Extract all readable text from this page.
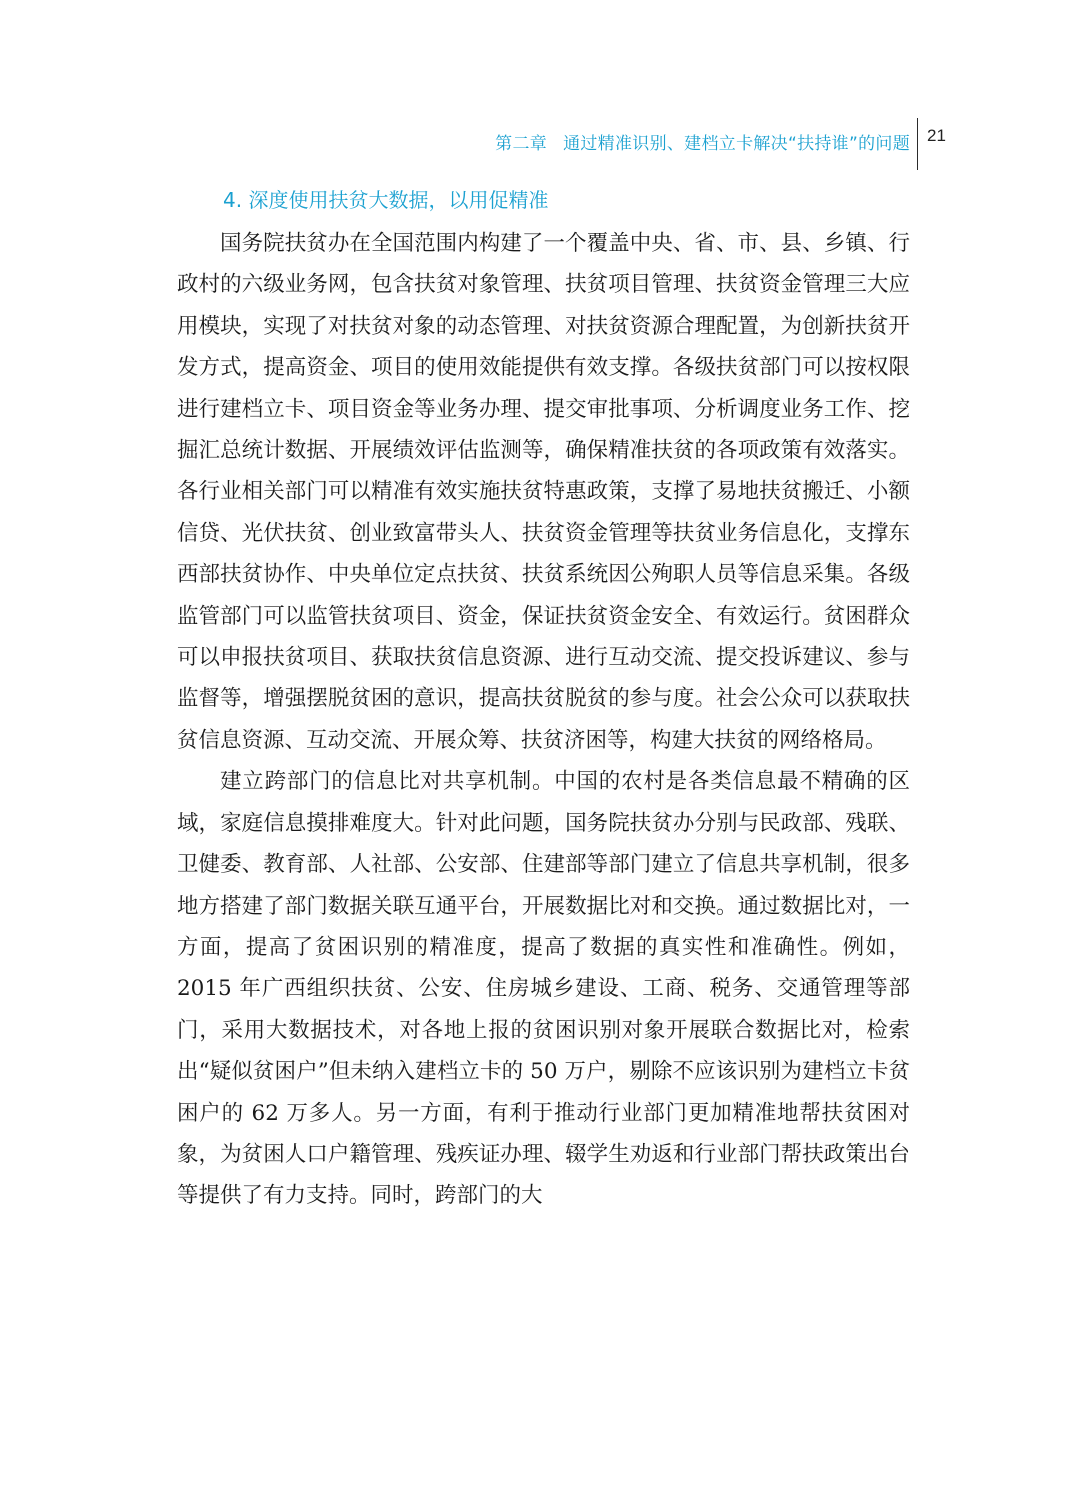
第二章 通过精准识别、建档立卡解决“扶持谁”的问题 21
4. 深度使用扶贫大数据，以用促精准

国务院扶贫办在全国范围内构建了一个覆盖中央、省、市、县、乡镇、行政村的六级业务网，包含扶贫对象管理、扶贫项目管理、扶贫资金管理三大应用模块，实现了对扶贫对象的动态管理、对扶贫资源合理配置，为创新扶贫开发方式，提高资金、项目的使用效能提供有效支撑。各级扶贫部门可以按权限进行建档立卡、项目资金等业务办理、提交审批事项、分析调度业务工作、挖掘汇总统计数据、开展绩效评估监测等，确保精准扶贫的各项政策有效落实。各行业相关部门可以精准有效实施扶贫特惠政策，支撑了易地扶贫搬迁、小额信贷、光伏扶贫、创业致富带头人、扶贫资金管理等扶贫业务信息化，支撑东西部扶贫协作、中央单位定点扶贫、扶贫系统因公殉职人员等信息采集。各级监管部门可以监管扶贫项目、资金，保证扶贫资金安全、有效运行。贫困群众可以申报扶贫项目、获取扶贫信息资源、进行互动交流、提交投诉建议、参与监督等，增强摆脱贫困的意识，提高扶贫脱贫的参与度。社会公众可以获取扶贫信息资源、互动交流、开展众筹、扶贫济困等，构建大扶贫的网络格局。

建立跨部门的信息比对共享机制。中国的农村是各类信息最不精确的区域，家庭信息摸排难度大。针对此问题，国务院扶贫办分别与民政部、残联、卫健委、教育部、人社部、公安部、住建部等部门建立了信息共享机制，很多地方搭建了部门数据关联互通平台，开展数据比对和交换。通过数据比对，一方面，提高了贫困识别的精准度，提高了数据的真实性和准确性。例如，2015 年广西组织扶贫、公安、住房城乡建设、工商、税务、交通管理等部门，采用大数据技术，对各地上报的贫困识别对象开展联合数据比对，检索出“疑似贫困户”但未纳入建档立卡的 50 万户，剔除不应该识别为建档立卡贫困户的 62 万多人。另一方面，有利于推动行业部门更加精准地帮扶贫困对象，为贫困人口户籍管理、残疾证办理、辍学生劝返和行业部门帮扶政策出台等提供了有力支持。同时，跨部门的大
